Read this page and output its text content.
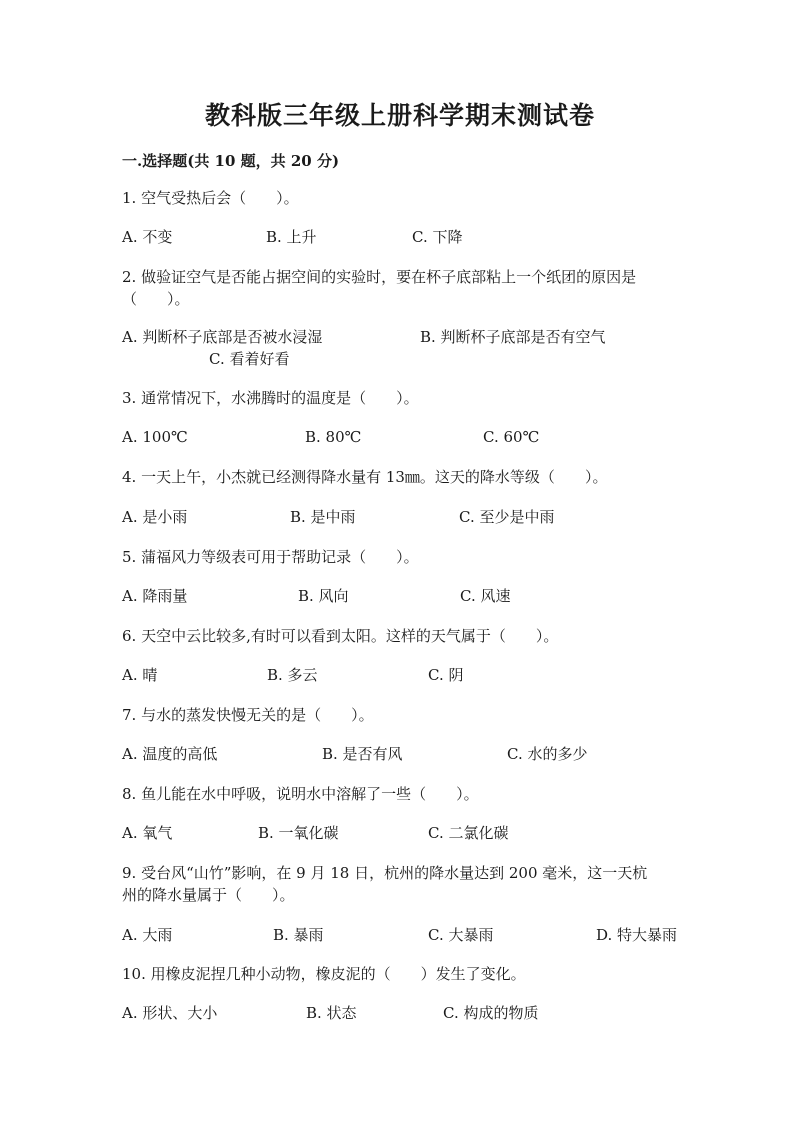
教科版三年级上册科学期末测试卷
一.选择题(共 10 题，共 20 分)
1. 空气受热后会（　　）。
A. 不变	B. 上升	C. 下降
2. 做验证空气是否能占据空间的实验时，要在杯子底部粘上一个纸团的原因是
（　　）。
A. 判断杯子底部是否被水浸湿	B. 判断杯子底部是否有空气
C. 看着好看
3. 通常情况下，水沸腾时的温度是（　　）。
A. 100℃	B. 80℃	C. 60℃
4. 一天上午，小杰就已经测得降水量有 13㎜。这天的降水等级（　　）。
A. 是小雨	B. 是中雨	C. 至少是中雨
5. 蒲福风力等级表可用于帮助记录（　　）。
A. 降雨量	B. 风向	C. 风速
6. 天空中云比较多,有时可以看到太阳。这样的天气属于（　　）。
A. 晴	B. 多云	C. 阴
7. 与水的蒸发快慢无关的是（　　）。
A. 温度的高低	B. 是否有风	C. 水的多少
8. 鱼儿能在水中呼吸，说明水中溶解了一些（　　）。
A. 氧气	B. 一氧化碳	C. 二氯化碳
9. 受台风“山竹”影响，在 9 月 18 日，杭州的降水量达到 200 毫米，这一天杭
州的降水量属于（　　）。
A. 大雨	B. 暴雨	C. 大暴雨	D. 特大暴雨
10. 用橡皮泥捏几种小动物，橡皮泥的（　　）发生了变化。
A. 形状、大小	B. 状态	C. 构成的物质
